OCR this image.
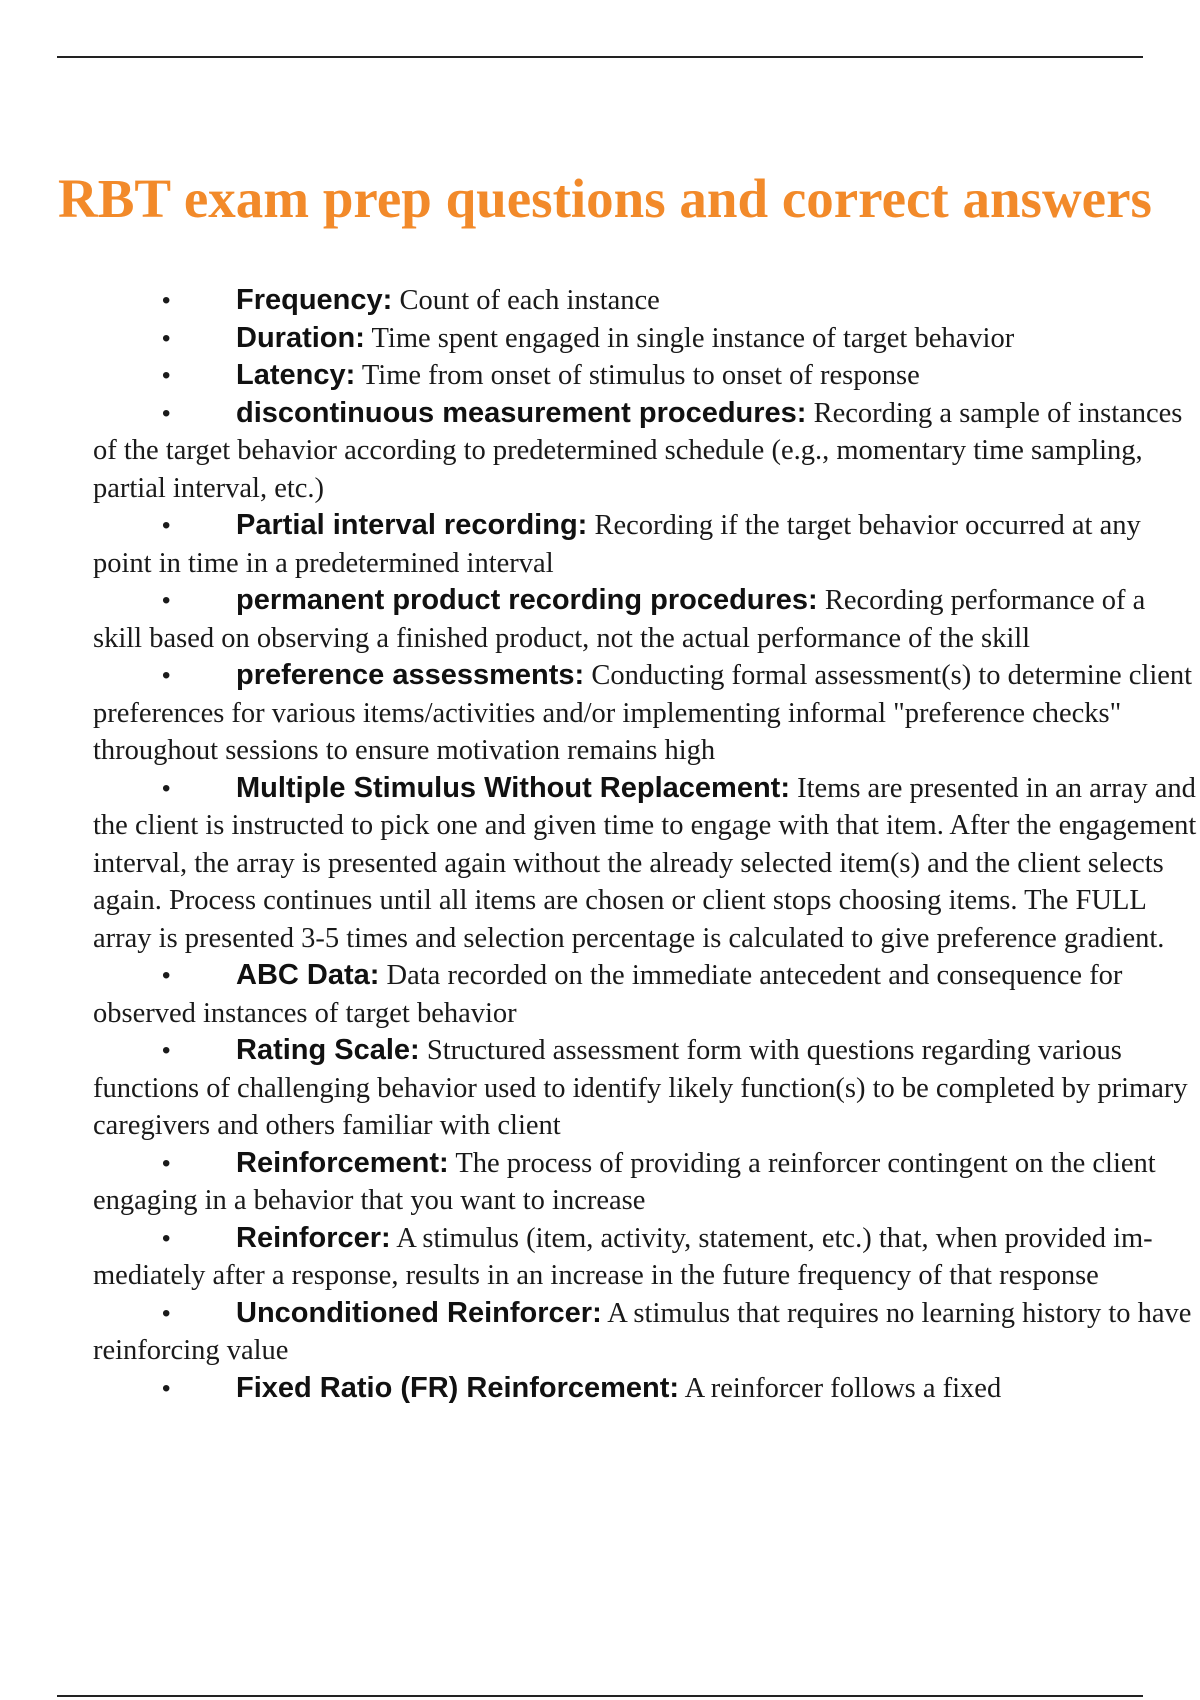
RBT exam prep questions and correct answers

• Frequency: Count of each instance

• Duration: Time spent engaged in single instance of target behavior

• Latency: Time from onset of stimulus to onset of response

• discontinuous measurement procedures: Recording a sample of instances of the target behavior according to predetermined schedule (e.g., momentary time sampling, partial interval, etc.)

• Partial interval recording: Recording if the target behavior occurred at any point in time in a predetermined interval

• permanent product recording procedures: Recording performance of a skill based on observing a finished product, not the actual performance of the skill

• preference assessments: Conducting formal assessment(s) to determine client preferences for various items/activities and/or implementing informal "preference checks" throughout sessions to ensure motivation remains high

• Multiple Stimulus Without Replacement: Items are presented in an array and the client is instructed to pick one and given time to engage with that item. After the engagement interval, the array is presented again without the already selected item(s) and the client selects again. Process continues until all items are chosen or client stops choosing items. The FULL array is presented 3-5 times and selection percentage is calculated to give preference gradient.

• ABC Data: Data recorded on the immediate antecedent and consequence for observed instances of target behavior

• Rating Scale: Structured assessment form with questions regarding various functions of challenging behavior used to identify likely function(s) to be completed by primary caregivers and others familiar with client

• Reinforcement: The process of providing a reinforcer contingent on the client engaging in a behavior that you want to increase

• Reinforcer: A stimulus (item, activity, statement, etc.) that, when provided im- mediately after a response, results in an increase in the future frequency of that response

• Unconditioned Reinforcer: A stimulus that requires no learning history to have reinforcing value

• Fixed Ratio (FR) Reinforcement: A reinforcer follows a fixed
